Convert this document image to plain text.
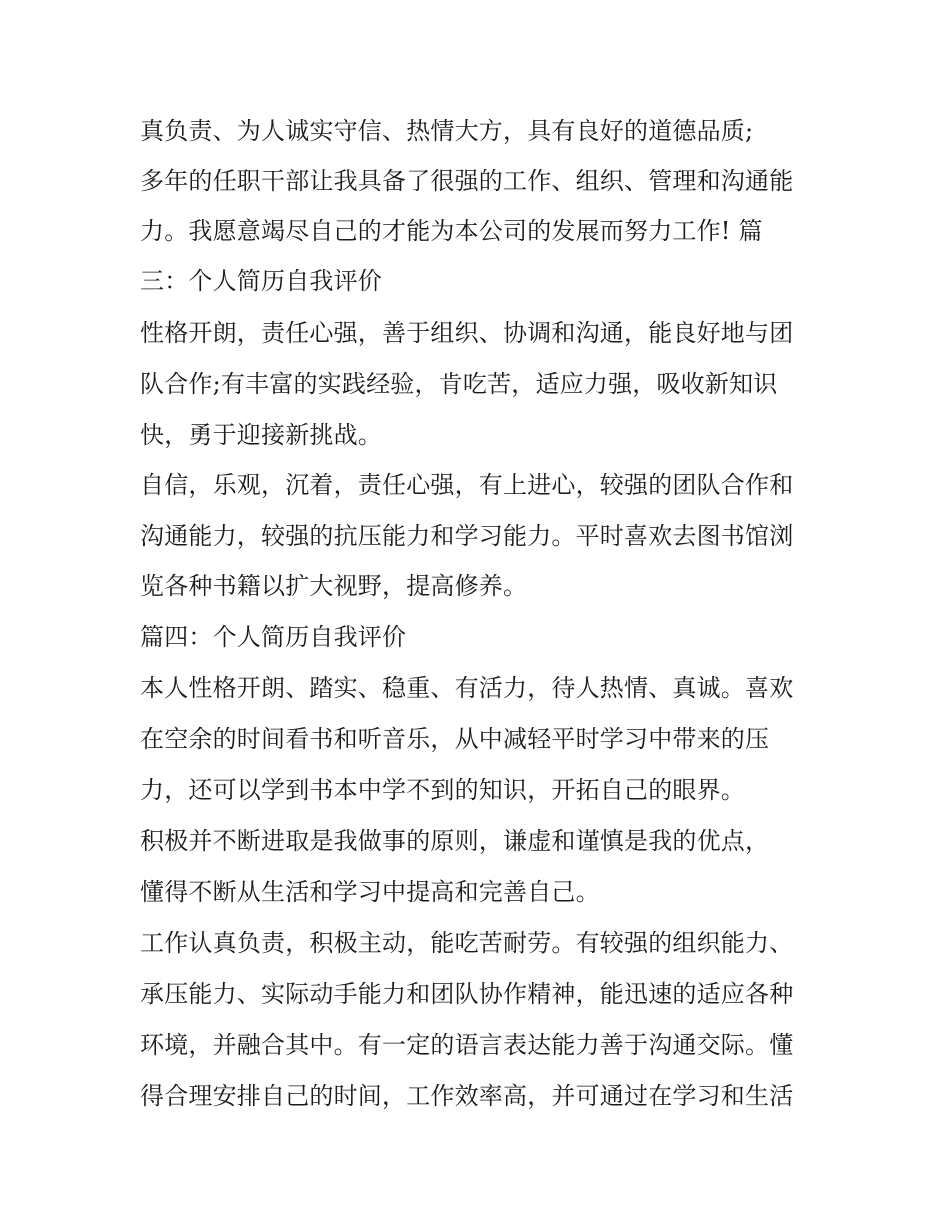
真负责、为人诚实守信、热情大方，具有良好的道德品质;

多年的任职干部让我具备了很强的工作、组织、管理和沟通能

力。我愿意竭尽自己的才能为本公司的发展而努力工作! 篇

三：个人简历自我评价

性格开朗，责任心强，善于组织、协调和沟通，能良好地与团

队合作;有丰富的实践经验，肯吃苦，适应力强，吸收新知识

快，勇于迎接新挑战。

自信，乐观，沉着，责任心强，有上进心，较强的团队合作和

沟通能力，较强的抗压能力和学习能力。平时喜欢去图书馆浏

览各种书籍以扩大视野，提高修养。

篇四：个人简历自我评价

本人性格开朗、踏实、稳重、有活力，待人热情、真诚。喜欢

在空余的时间看书和听音乐，从中减轻平时学习中带来的压

力，还可以学到书本中学不到的知识，开拓自己的眼界。

积极并不断进取是我做事的原则，谦虚和谨慎是我的优点，

懂得不断从生活和学习中提高和完善自己。

工作认真负责，积极主动，能吃苦耐劳。有较强的组织能力、

承压能力、实际动手能力和团队协作精神，能迅速的适应各种

环境，并融合其中。有一定的语言表达能力善于沟通交际。懂

得合理安排自己的时间，工作效率高，并可通过在学习和生活
